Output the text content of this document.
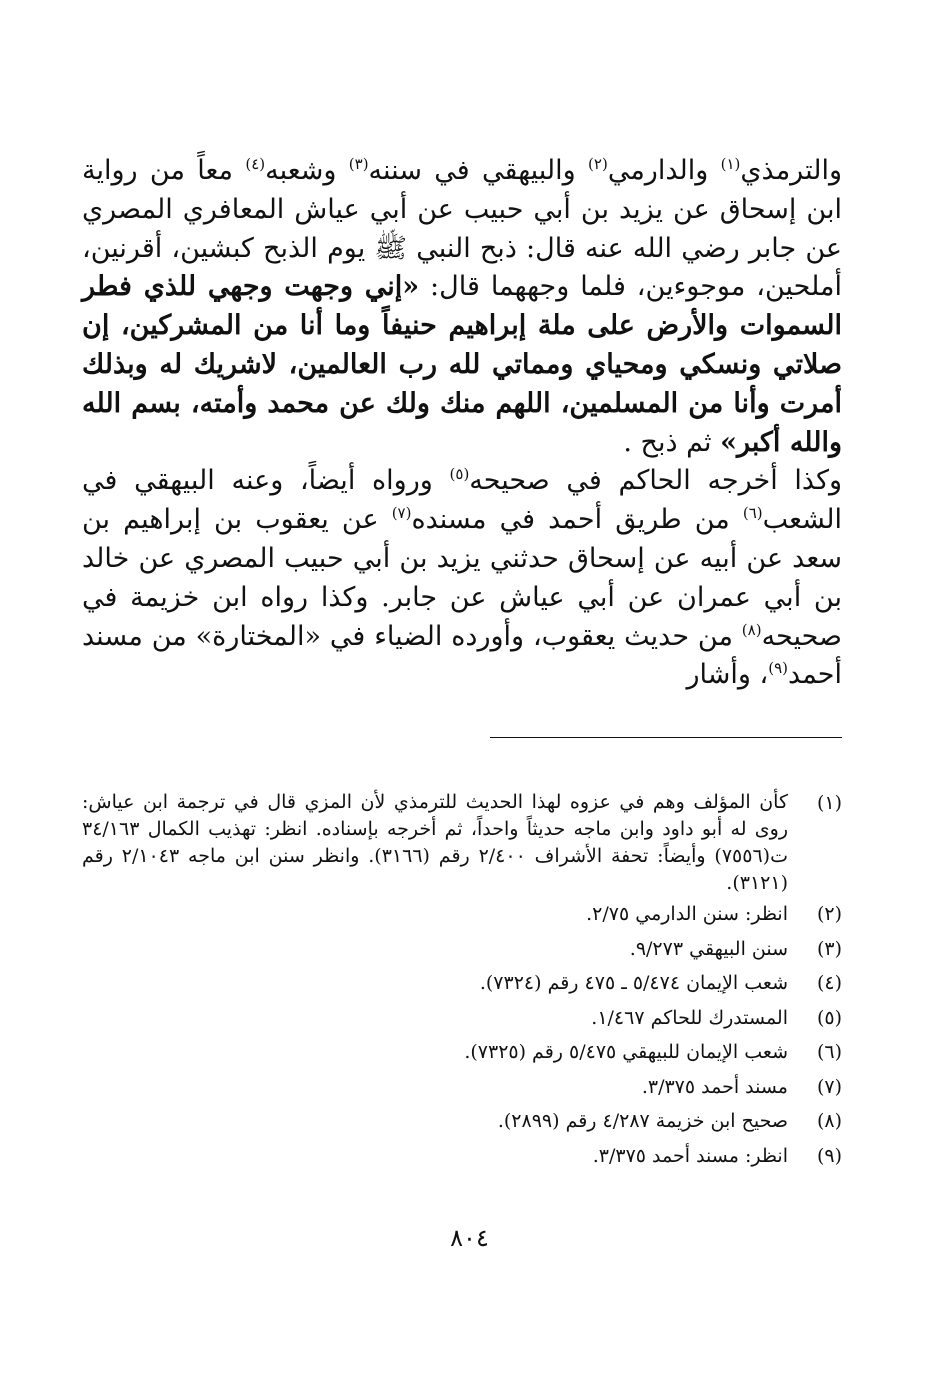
والترمذي$^{(١)}$ والدارمي$^{(٢)}$ والبيهقي في سننه$^{(٣)}$ وشعبه$^{(٤)}$ معاً من رواية ابن إسحاق عن يزيد بن أبي حبيب عن أبي عياش المعافري المصري عن جابر رضي الله عنه قال: ذبح النبي ﷺ يوم الذبح كبشين، أقرنين، أملحين، موجوءين، فلما وجههما قال: «إني وجهت وجهي للذي فطر السموات والأرض على ملة إبراهيم حنيفاً وما أنا من المشركين، إن صلاتي ونسكي ومحياي ومماتي لله رب العالمين، لاشريك له وبذلك أمرت وأنا من المسلمين، اللهم منك ولك عن محمد وأمته، بسم الله والله أكبر» ثم ذبح .

وكذا أخرجه الحاكم في صحيحه$^{(٥)}$ ورواه أيضاً، وعنه البيهقي في الشعب$^{(٦)}$ من طريق أحمد في مسنده$^{(٧)}$ عن يعقوب بن إبراهيم بن سعد عن أبيه عن إسحاق حدثني يزيد بن أبي حبيب المصري عن خالد بن أبي عمران عن أبي عياش عن جابر. وكذا رواه ابن خزيمة في صحيحه$^{(٨)}$ من حديث يعقوب، وأورده الضياء في «المختارة» من مسند أحمد$^{(٩)}$، وأشار

(١)
كأن المؤلف وهم في عزوه لهذا الحديث للترمذي لأن المزي قال في ترجمة ابن عياش: روى له أبو داود وابن ماجه حديثاً واحداً، ثم أخرجه بإسناده. انظر: تهذيب الكمال ٣٤/١٦٣ ت(٧٥٥٦) وأيضاً: تحفة الأشراف ٢/٤٠٠ رقم (٣١٦٦). وانظر سنن ابن ماجه ٢/١٠٤٣ رقم (٣١٢١).
(٢)
انظر: سنن الدارمي ٢/٧٥.
(٣)
سنن البيهقي ٩/٢٧٣.
(٤)
شعب الإيمان ٥/٤٧٤ ـ ٤٧٥ رقم (٧٣٢٤).
(٥)
المستدرك للحاكم ١/٤٦٧.
(٦)
شعب الإيمان للبيهقي ٥/٤٧٥ رقم (٧٣٢٥).
(٧)
مسند أحمد ٣/٣٧٥.
(٨)
صحيح ابن خزيمة ٤/٢٨٧ رقم (٢٨٩٩).
(٩)
انظر: مسند أحمد ٣/٣٧٥.
٨٠٤
